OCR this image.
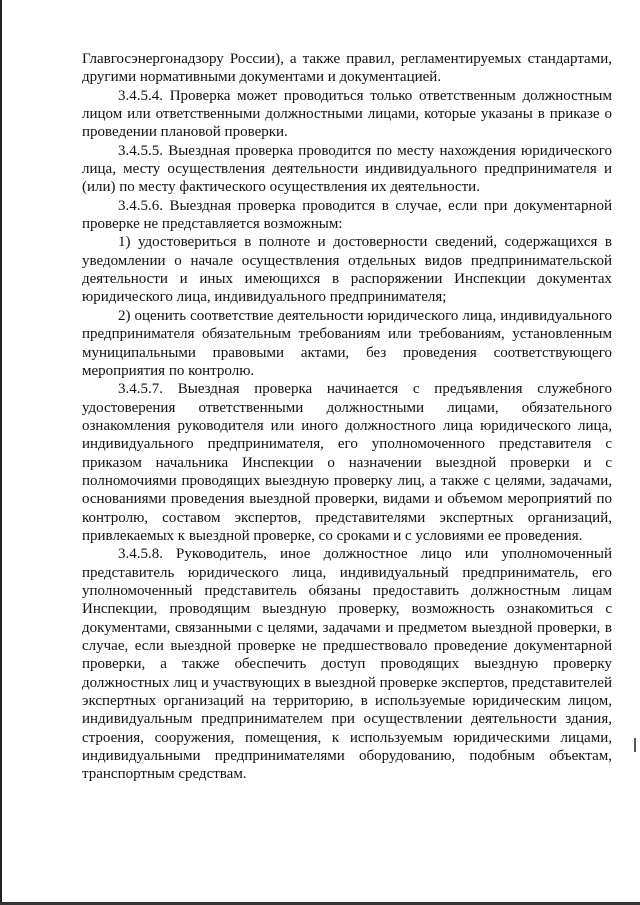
Главгосэнергонадзору России), а также правил, регламентируемых стандартами, другими нормативными документами и документацией.

3.4.5.4. Проверка может проводиться только ответственным должностным лицом или ответственными должностными лицами, которые указаны в приказе о проведении плановой проверки.

3.4.5.5. Выездная проверка проводится по месту нахождения юридического лица, месту осуществления деятельности индивидуального предпринимателя и (или) по месту фактического осуществления их деятельности.

3.4.5.6. Выездная проверка проводится в случае, если при документарной проверке не представляется возможным:

1) удостовериться в полноте и достоверности сведений, содержащихся в уведомлении о начале осуществления отдельных видов предпринимательской деятельности и иных имеющихся в распоряжении Инспекции документах юридического лица, индивидуального предпринимателя;

2) оценить соответствие деятельности юридического лица, индивидуального предпринимателя обязательным требованиям или требованиям, установленным муниципальными правовыми актами, без проведения соответствующего мероприятия по контролю.

3.4.5.7. Выездная проверка начинается с предъявления служебного удостоверения ответственными должностными лицами, обязательного ознакомления руководителя или иного должностного лица юридического лица, индивидуального предпринимателя, его уполномоченного представителя с приказом начальника Инспекции о назначении выездной проверки и с полномочиями проводящих выездную проверку лиц, а также с целями, задачами, основаниями проведения выездной проверки, видами и объемом мероприятий по контролю, составом экспертов, представителями экспертных организаций, привлекаемых к выездной проверке, со сроками и с условиями ее проведения.

3.4.5.8. Руководитель, иное должностное лицо или уполномоченный представитель юридического лица, индивидуальный предприниматель, его уполномоченный представитель обязаны предоставить должностным лицам Инспекции, проводящим выездную проверку, возможность ознакомиться с документами, связанными с целями, задачами и предметом выездной проверки, в случае, если выездной проверке не предшествовало проведение документарной проверки, а также обеспечить доступ проводящих выездную проверку должностных лиц и участвующих в выездной проверке экспертов, представителей экспертных организаций на территорию, в используемые юридическим лицом, индивидуальным предпринимателем при осуществлении деятельности здания, строения, сооружения, помещения, к используемым юридическими лицами, индивидуальными предпринимателями оборудованию, подобным объектам, транспортным средствам.
